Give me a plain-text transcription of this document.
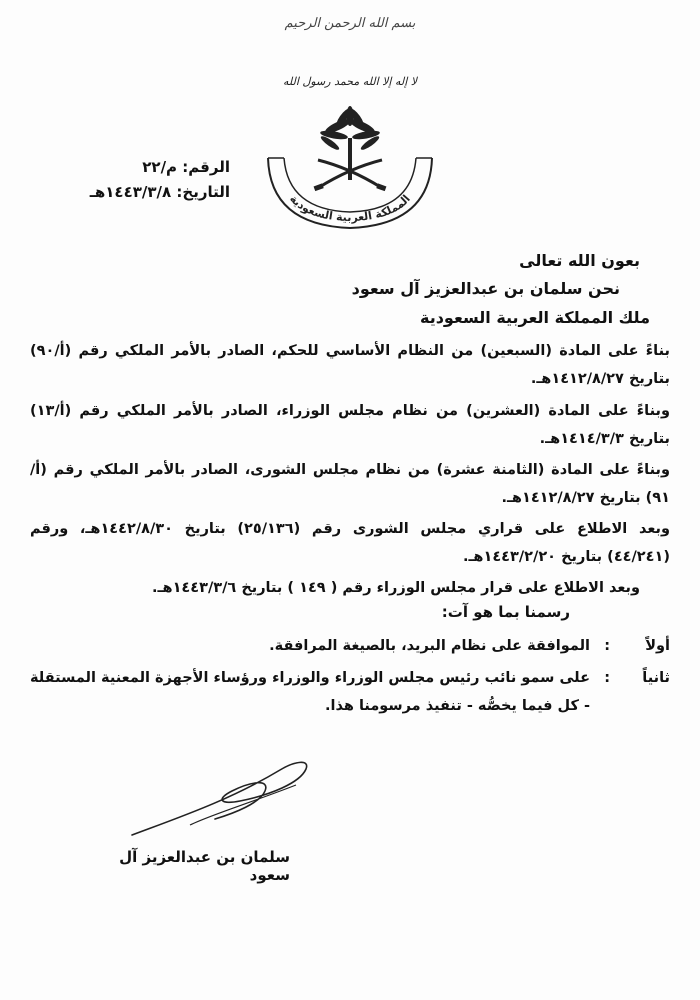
بسم الله الرحمن الرحيم
لا إله إلا الله محمد رسول الله
المملكة العربية السعودية
الرقم: م/٢٢
التاريخ: ١٤٤٣/٣/٨هـ
بعون الله تعالى
نحن سلمان بن عبدالعزيز آل سعود
ملك المملكة العربية السعودية
بناءً على المادة (السبعين) من النظام الأساسي للحكم، الصادر بالأمر الملكي رقم (أ/٩٠) بتاريخ ١٤١٢/٨/٢٧هـ.
وبناءً على المادة (العشرين) من نظام مجلس الوزراء، الصادر بالأمر الملكي رقم (أ/١٣) بتاريخ ١٤١٤/٣/٣هـ.
وبناءً على المادة (الثامنة عشرة) من نظام مجلس الشورى، الصادر بالأمر الملكي رقم (أ/٩١) بتاريخ ١٤١٢/٨/٢٧هـ.
وبعد الاطلاع على قراري مجلس الشورى رقم (٢٥/١٣٦) بتاريخ ١٤٤٢/٨/٣٠هـ، ورقم (٤٤/٢٤١) بتاريخ ١٤٤٣/٢/٢٠هـ.
وبعد الاطلاع على قرار مجلس الوزراء رقم ( ١٤٩ ) بتاريخ ١٤٤٣/٣/٦هـ.
رسمنا بما هو آت:
أولاً
:
الموافقة على نظام البريد، بالصيغة المرافقة.
ثانياً
:
على سمو نائب رئيس مجلس الوزراء والوزراء ورؤساء الأجهزة المعنية المستقلة - كل فيما يخصُّه - تنفيذ مرسومنا هذا.
سلمان بن عبدالعزيز آل سعود
